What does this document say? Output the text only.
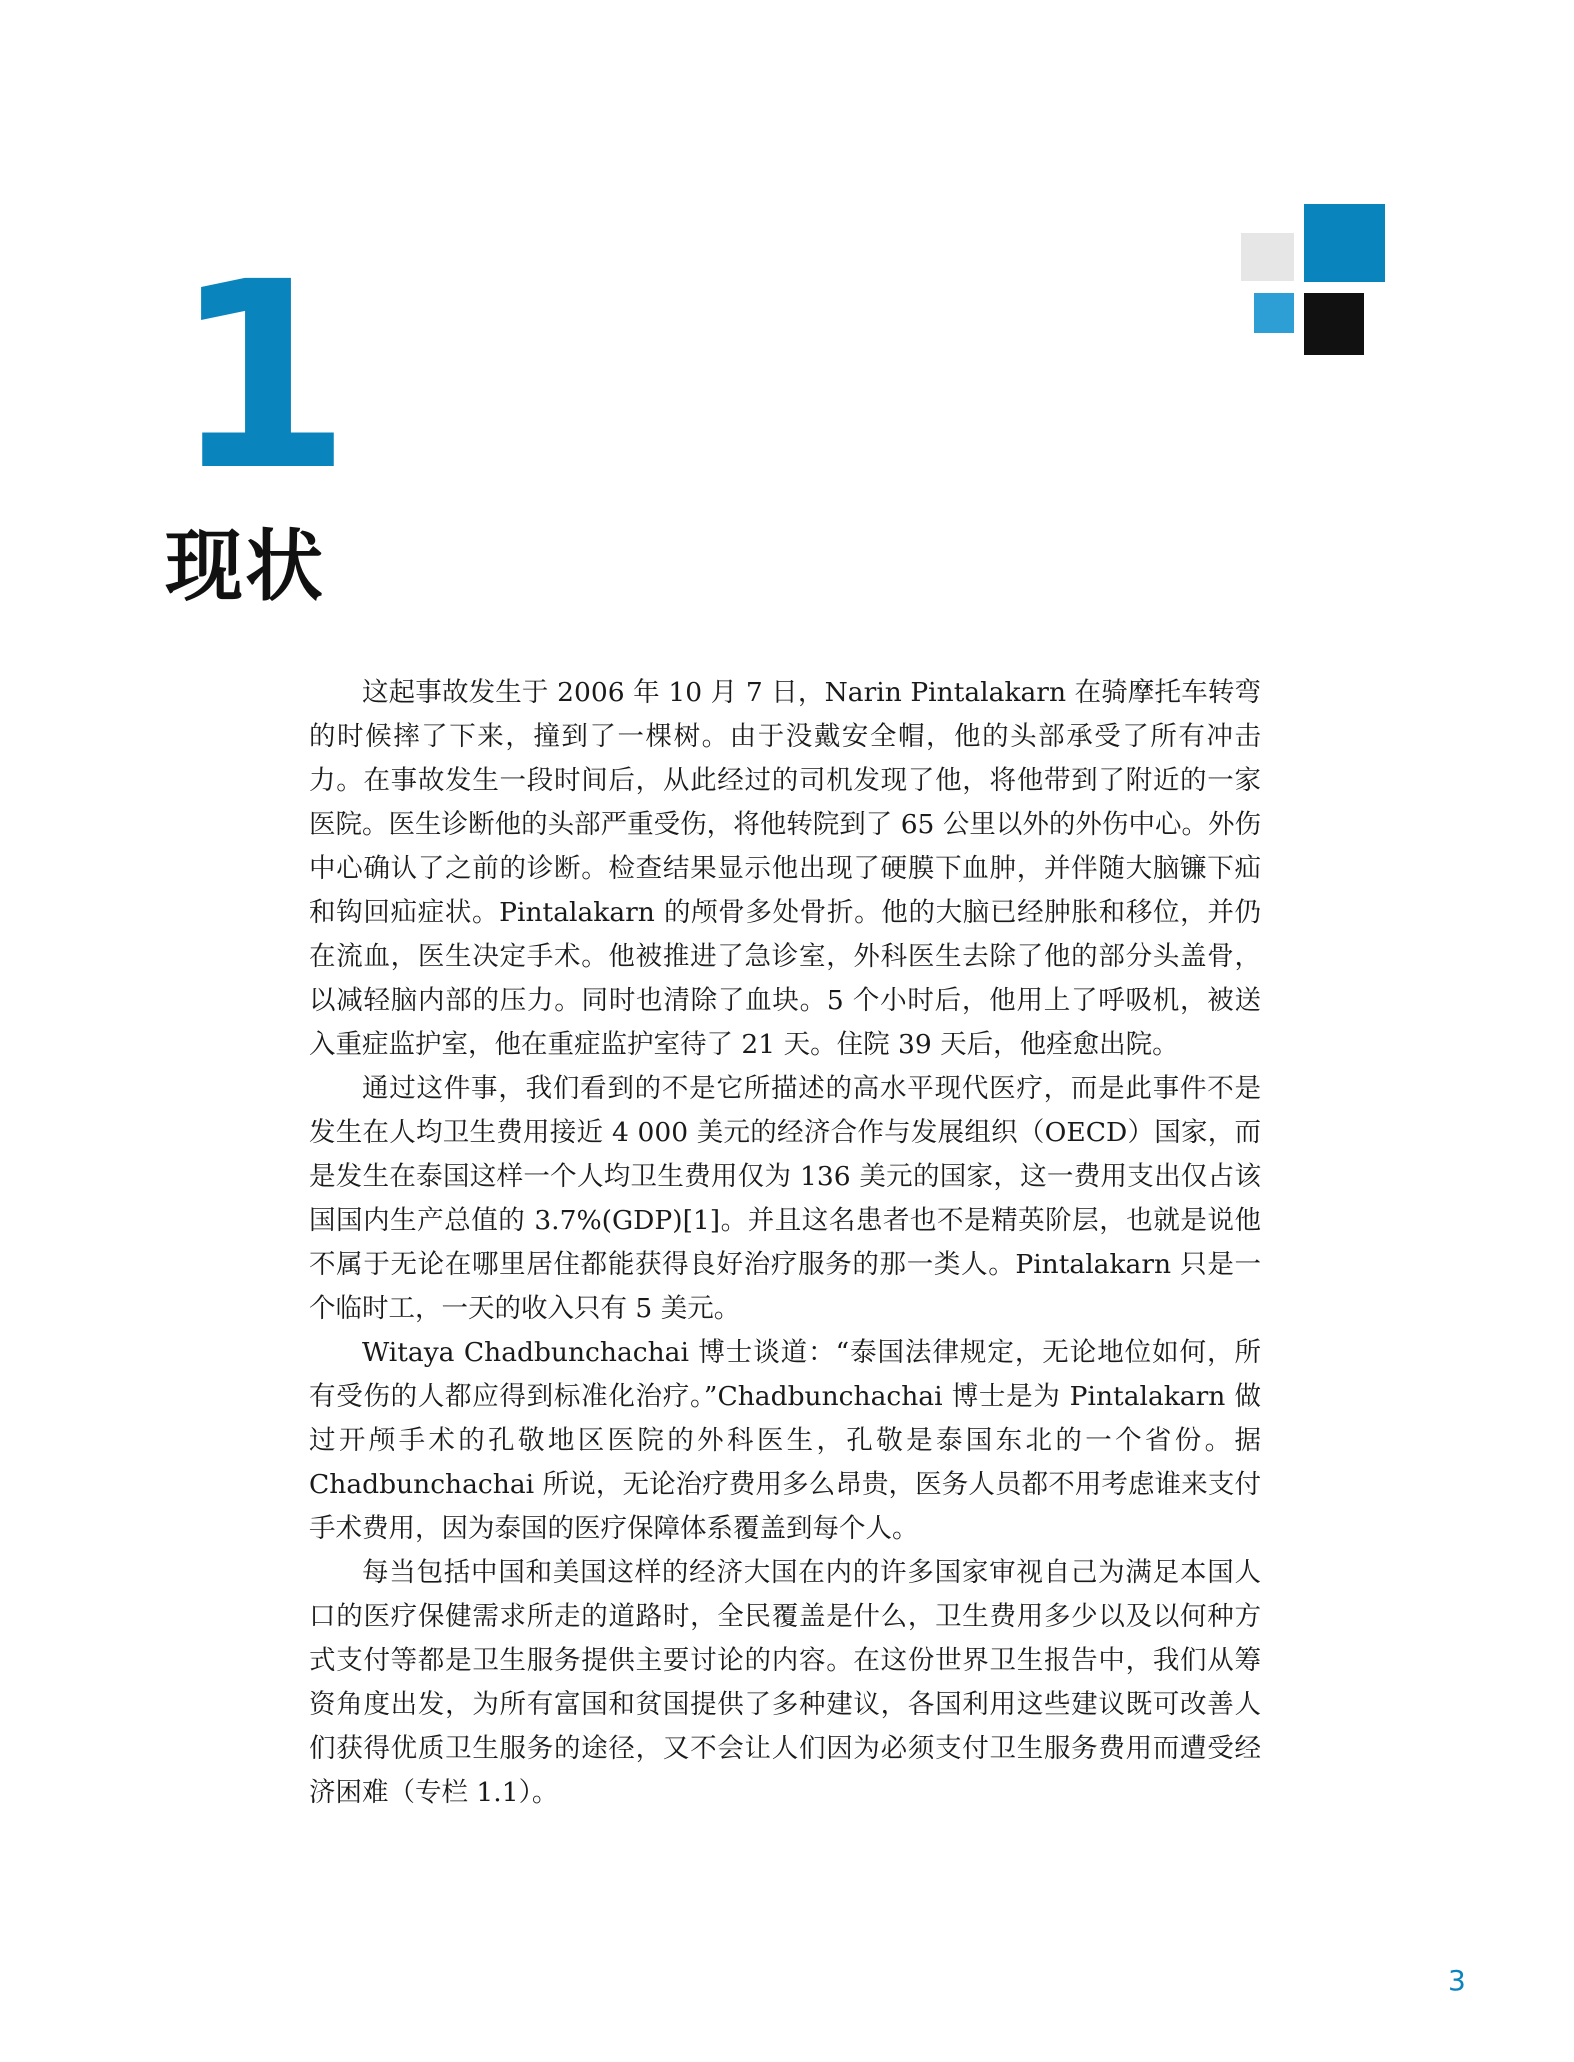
1
现状

这起事故发生于 2006 年 10 月 7 日，Narin Pintalakarn 在骑摩托车转弯的时候摔了下来，撞到了一棵树。由于没戴安全帽，他的头部承受了所有冲击力。在事故发生一段时间后，从此经过的司机发现了他，将他带到了附近的一家医院。医生诊断他的头部严重受伤，将他转院到了 65 公里以外的外伤中心。外伤中心确认了之前的诊断。检查结果显示他出现了硬膜下血肿，并伴随大脑镰下疝和钩回疝症状。Pintalakarn 的颅骨多处骨折。他的大脑已经肿胀和移位，并仍在流血，医生决定手术。他被推进了急诊室，外科医生去除了他的部分头盖骨，以减轻脑内部的压力。同时也清除了血块。5 个小时后，他用上了呼吸机，被送入重症监护室，他在重症监护室待了 21 天。住院 39 天后，他痊愈出院。

通过这件事，我们看到的不是它所描述的高水平现代医疗，而是此事件不是发生在人均卫生费用接近 4 000 美元的经济合作与发展组织（OECD）国家，而是发生在泰国这样一个人均卫生费用仅为 136 美元的国家，这一费用支出仅占该国国内生产总值的 3.7%(GDP)[1]。并且这名患者也不是精英阶层，也就是说他不属于无论在哪里居住都能获得良好治疗服务的那一类人。Pintalakarn 只是一个临时工，一天的收入只有 5 美元。

Witaya Chadbunchachai 博士谈道：“泰国法律规定，无论地位如何，所有受伤的人都应得到标准化治疗。”Chadbunchachai 博士是为 Pintalakarn 做过开颅手术的孔敬地区医院的外科医生，孔敬是泰国东北的一个省份。据 Chadbunchachai 所说，无论治疗费用多么昂贵，医务人员都不用考虑谁来支付手术费用，因为泰国的医疗保障体系覆盖到每个人。

每当包括中国和美国这样的经济大国在内的许多国家审视自己为满足本国人口的医疗保健需求所走的道路时，全民覆盖是什么，卫生费用多少以及以何种方式支付等都是卫生服务提供主要讨论的内容。在这份世界卫生报告中，我们从筹资角度出发，为所有富国和贫国提供了多种建议，各国利用这些建议既可改善人们获得优质卫生服务的途径，又不会让人们因为必须支付卫生服务费用而遭受经济困难（专栏 1.1）。

3
